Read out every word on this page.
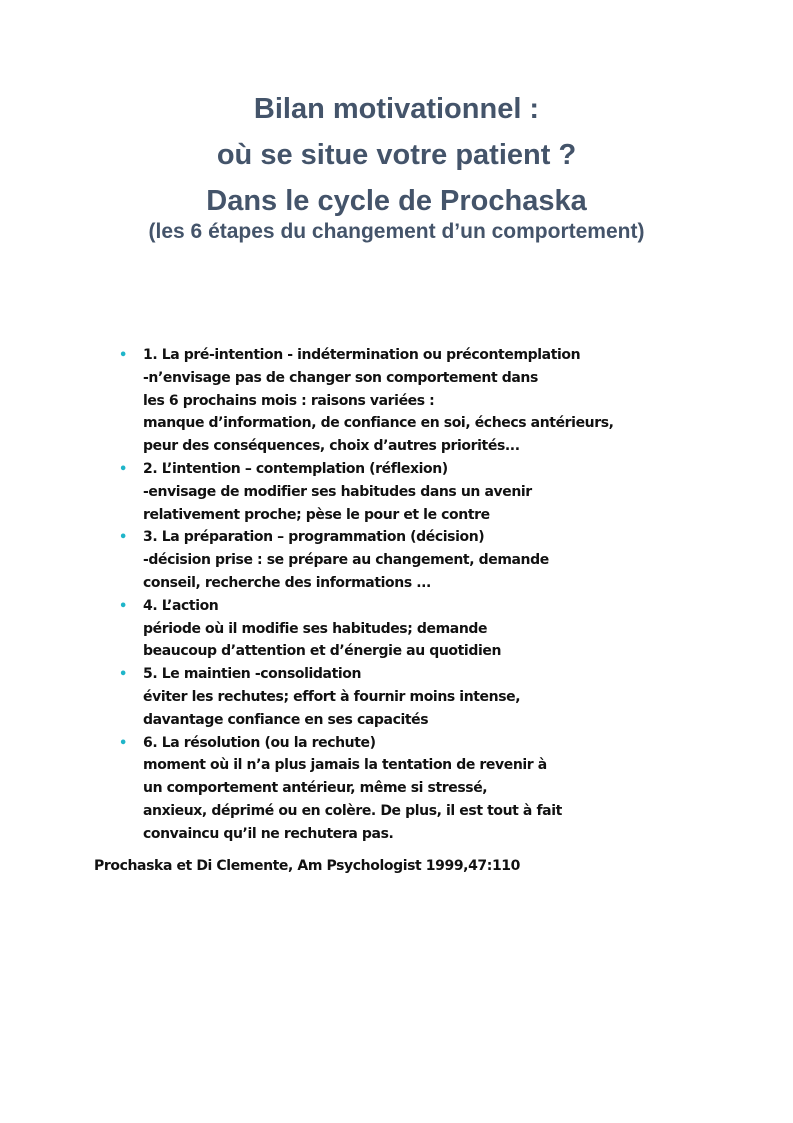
Bilan motivationnel :
où se situe votre patient ?
Dans le cycle de Prochaska
(les 6 étapes du changement d’un comportement)
• 1. La pré-intention - indétermination ou précontemplation
-n’envisage pas de changer son comportement dans
les 6 prochains mois : raisons variées :
manque d’information, de confiance en soi, échecs antérieurs,
peur des conséquences, choix d’autres priorités...
• 2. L’intention – contemplation (réflexion)
-envisage de modifier ses habitudes dans un avenir
relativement proche; pèse le pour et le contre
• 3. La préparation – programmation (décision)
-décision prise : se prépare au changement, demande
conseil, recherche des informations ...
• 4. L’action
période où il modifie ses habitudes; demande
beaucoup d’attention et d’énergie au quotidien
• 5. Le maintien -consolidation
éviter les rechutes; effort à fournir moins intense,
davantage confiance en ses capacités
• 6. La résolution (ou la rechute)
moment où il n’a plus jamais la tentation de revenir à
un comportement antérieur, même si stressé,
anxieux, déprimé ou en colère. De plus, il est tout à fait
convaincu qu’il ne rechutera pas.
Prochaska et Di Clemente, Am Psychologist 1999,47:110
